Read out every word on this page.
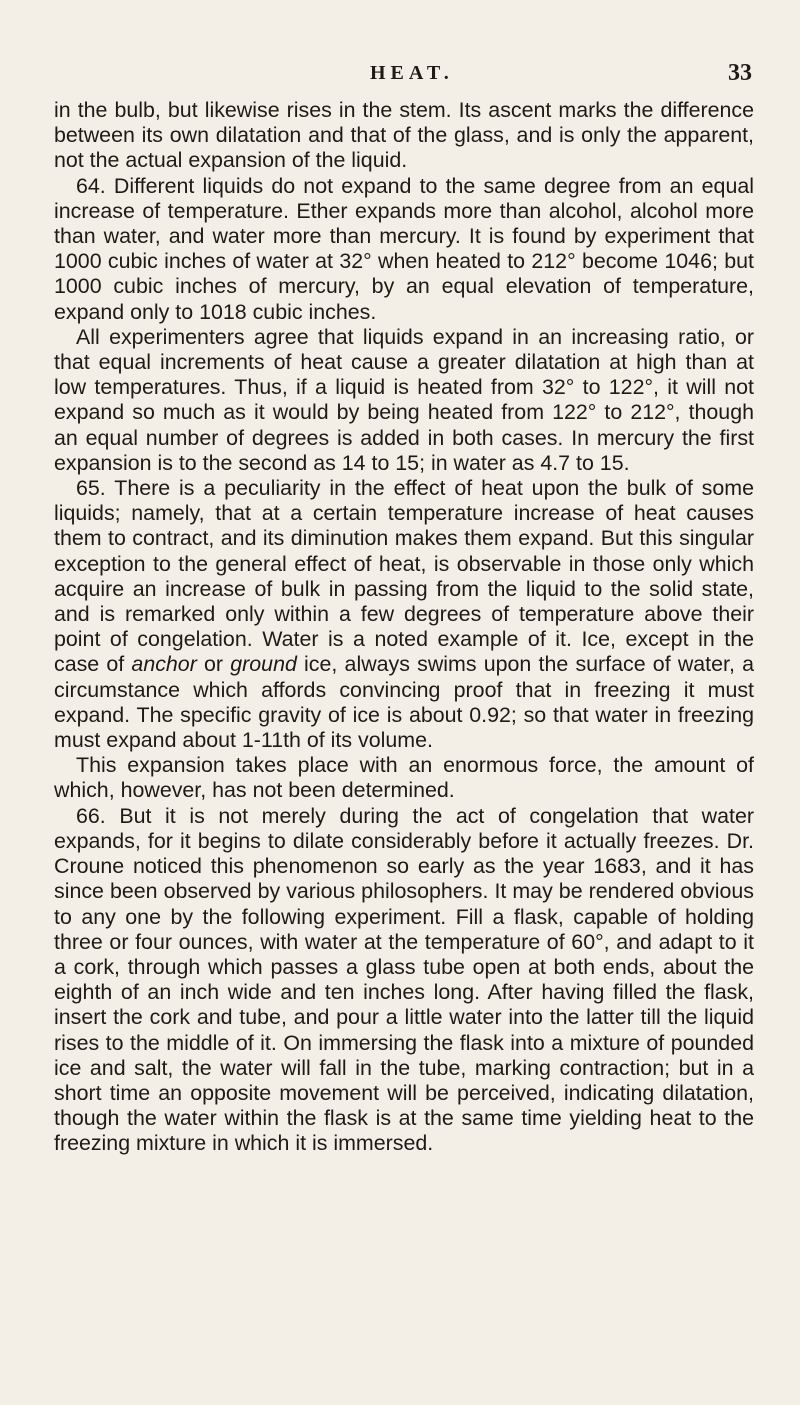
HEAT.	33

in the bulb, but likewise rises in the stem. Its ascent marks the difference between its own dilatation and that of the glass, and is only the apparent, not the actual expansion of the liquid.

64. Different liquids do not expand to the same degree from an equal increase of temperature. Ether expands more than alcohol, alcohol more than water, and water more than mercury. It is found by experiment that 1000 cubic inches of water at 32° when heated to 212° become 1046; but 1000 cubic inches of mercury, by an equal elevation of temperature, expand only to 1018 cubic inches.

All experimenters agree that liquids expand in an increasing ratio, or that equal increments of heat cause a greater dilatation at high than at low temperatures. Thus, if a liquid is heated from 32° to 122°, it will not expand so much as it would by being heated from 122° to 212°, though an equal number of degrees is added in both cases. In mercury the first expansion is to the second as 14 to 15; in water as 4.7 to 15.

65. There is a peculiarity in the effect of heat upon the bulk of some liquids; namely, that at a certain temperature increase of heat causes them to contract, and its diminution makes them expand. But this singular exception to the general effect of heat, is observable in those only which acquire an increase of bulk in passing from the liquid to the solid state, and is remarked only within a few degrees of temperature above their point of congelation. Water is a noted example of it. Ice, except in the case of anchor or ground ice, always swims upon the surface of water, a circumstance which affords convincing proof that in freezing it must expand. The specific gravity of ice is about 0.92; so that water in freezing must expand about 1-11th of its volume.

This expansion takes place with an enormous force, the amount of which, however, has not been determined.

66. But it is not merely during the act of congelation that water expands, for it begins to dilate considerably before it actually freezes. Dr. Croune noticed this phenomenon so early as the year 1683, and it has since been observed by various philosophers. It may be rendered obvious to any one by the following experiment. Fill a flask, capable of holding three or four ounces, with water at the temperature of 60°, and adapt to it a cork, through which passes a glass tube open at both ends, about the eighth of an inch wide and ten inches long. After having filled the flask, insert the cork and tube, and pour a little water into the latter till the liquid rises to the middle of it. On immersing the flask into a mixture of pounded ice and salt, the water will fall in the tube, marking contraction; but in a short time an opposite movement will be perceived, indicating dilatation, though the water within the flask is at the same time yielding heat to the freezing mixture in which it is immersed.
